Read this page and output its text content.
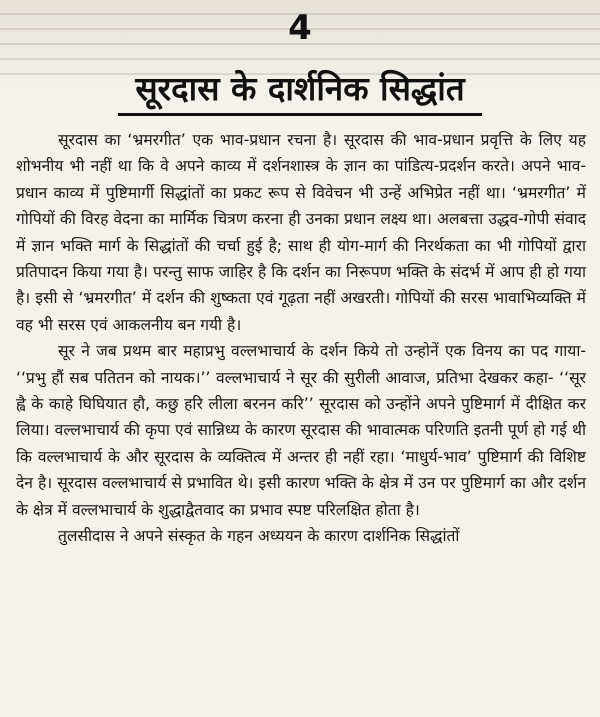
4
सूरदास के दार्शनिक सिद्धांत

सूरदास का ‘भ्रमरगीत’ एक भाव-प्रधान रचना है। सूरदास की भाव-प्रधान प्रवृत्ति के लिए यह शोभनीय भी नहीं था कि वे अपने काव्य में दर्शनशास्त्र के ज्ञान का पांडित्य-प्रदर्शन करते। अपने भाव-प्रधान काव्य में पुष्टिमार्गी सिद्धांतों का प्रकट रूप से विवेचन भी उन्हें अभिप्रेत नहीं था। ‘भ्रमरगीत’ में गोपियों की विरह वेदना का मार्मिक चित्रण करना ही उनका प्रधान लक्ष्य था। अलबत्ता उद्धव-गोपी संवाद में ज्ञान भक्ति मार्ग के सिद्धांतों की चर्चा हुई है; साथ ही योग-मार्ग की निरर्थकता का भी गोपियों द्वारा प्रतिपादन किया गया है। परन्तु साफ जाहिर है कि दर्शन का निरूपण भक्ति के संदर्भ में आप ही हो गया है। इसी से ‘भ्रमरगीत’ में दर्शन की शुष्कता एवं गूढ़ता नहीं अखरती। गोपियों की सरस भावाभिव्यक्ति में वह भी सरस एवं आकलनीय बन गयी है।

सूर ने जब प्रथम बार महाप्रभु वल्लभाचार्य के दर्शन किये तो उन्होनें एक विनय का पद गाया- ‘‘प्रभु हौं सब पतितन को नायक।’’ वल्लभाचार्य ने सूर की सुरीली आवाज, प्रतिभा देखकर कहा- ‘‘सूर ह्वै के काहे घिघियात हौ, कछु हरि लीला बरनन करि’’ सूरदास को उन्होंने अपने पुष्टिमार्ग में दीक्षित कर लिया। वल्लभाचार्य की कृपा एवं सान्निध्य के कारण सूरदास की भावात्मक परिणति इतनी पूर्ण हो गई थी कि वल्लभाचार्य के और सूरदास के व्यक्तित्व में अन्तर ही नहीं रहा। ‘माधुर्य-भाव’ पुष्टिमार्ग की विशिष्ट देन है। सूरदास वल्लभाचार्य से प्रभावित थे। इसी कारण भक्ति के क्षेत्र में उन पर पुष्टिमार्ग का और दर्शन के क्षेत्र में वल्लभाचार्य के शुद्धाद्वैतवाद का प्रभाव स्पष्ट परिलक्षित होता है।

तुलसीदास ने अपने संस्कृत के गहन अध्ययन के कारण दार्शनिक सिद्धांतों
